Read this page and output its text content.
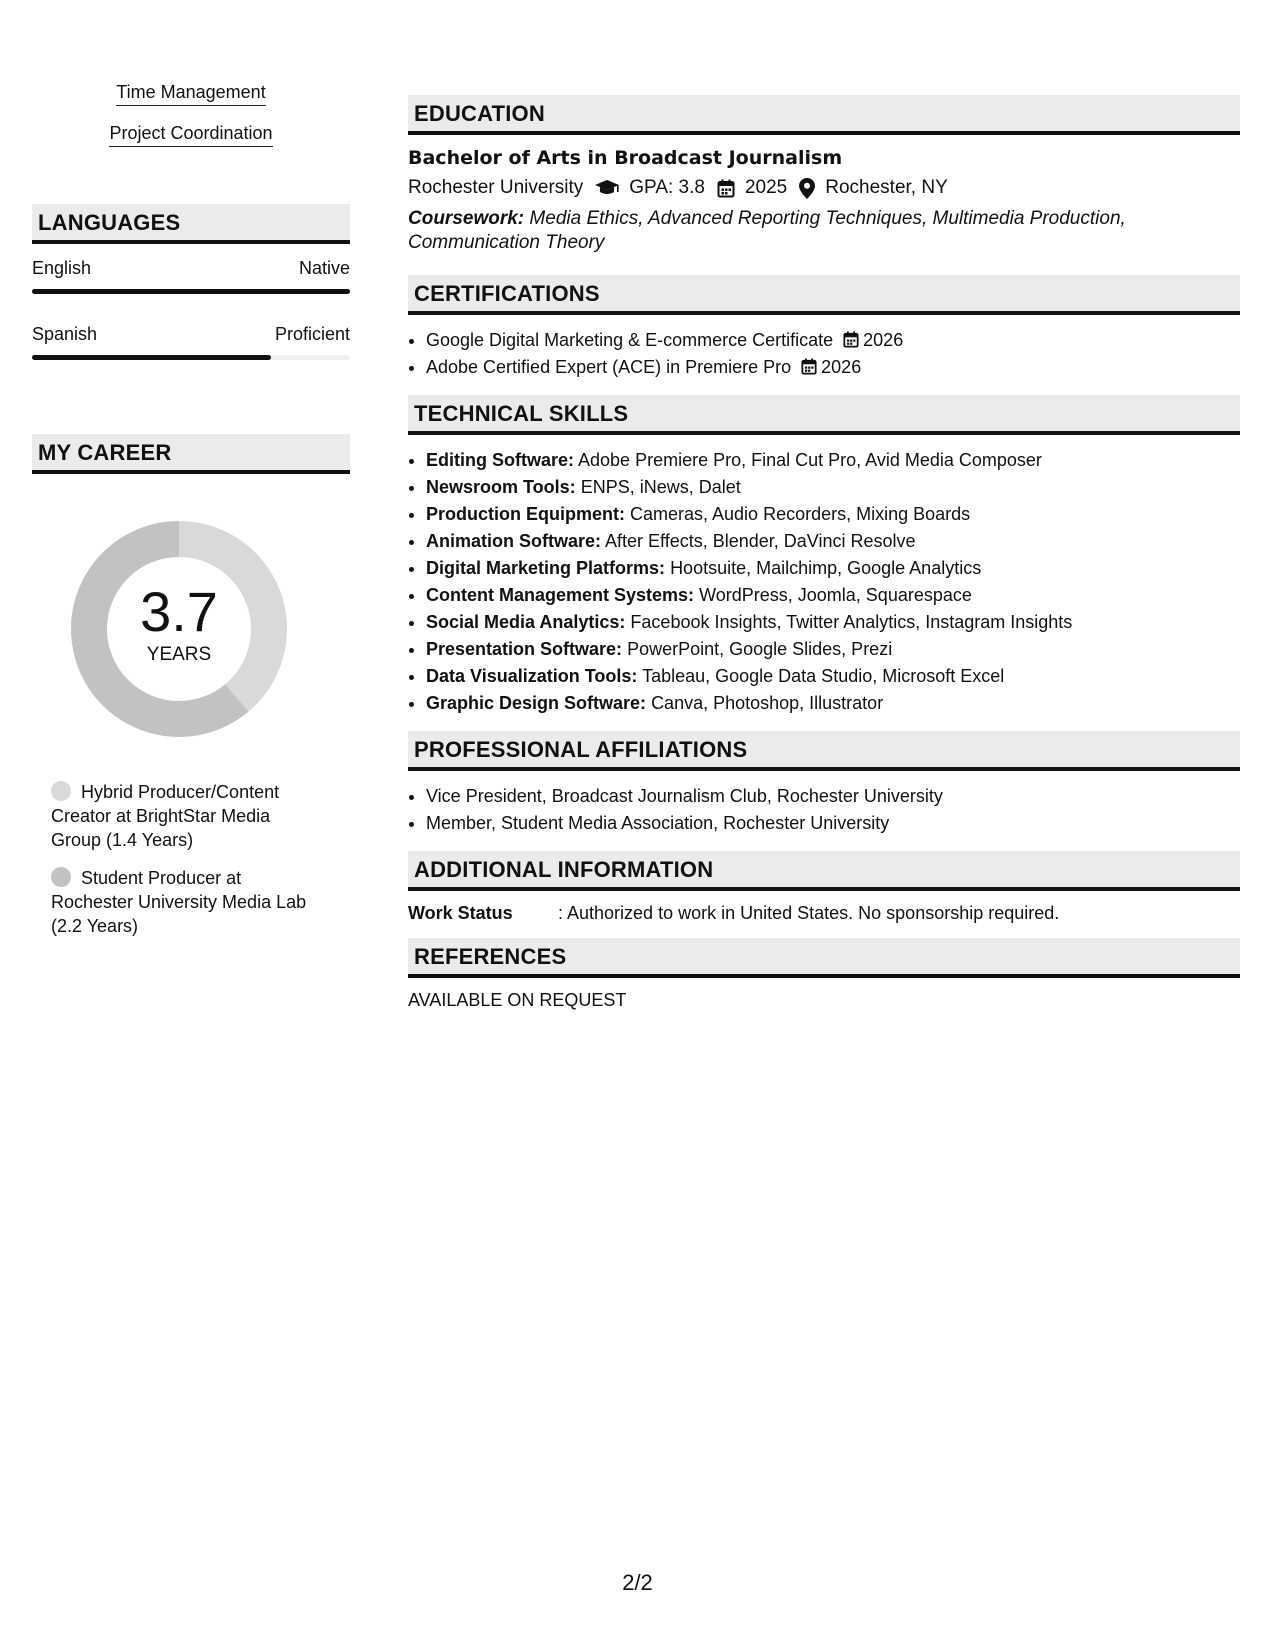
Time Management
Project Coordination
LANGUAGES
English	Native
Spanish	Proficient
MY CAREER
3.7
YEARS
Hybrid Producer/Content Creator at BrightStar Media Group (1.4 Years)
Student Producer at Rochester University Media Lab (2.2 Years)
EDUCATION
Bachelor of Arts in Broadcast Journalism
Rochester University GPA: 3.8 2025 Rochester, NY
Coursework: Media Ethics, Advanced Reporting Techniques, Multimedia Production, Communication Theory
CERTIFICATIONS
• Google Digital Marketing & E-commerce Certificate 2026
• Adobe Certified Expert (ACE) in Premiere Pro 2026
TECHNICAL SKILLS
• Editing Software: Adobe Premiere Pro, Final Cut Pro, Avid Media Composer
• Newsroom Tools: ENPS, iNews, Dalet
• Production Equipment: Cameras, Audio Recorders, Mixing Boards
• Animation Software: After Effects, Blender, DaVinci Resolve
• Digital Marketing Platforms: Hootsuite, Mailchimp, Google Analytics
• Content Management Systems: WordPress, Joomla, Squarespace
• Social Media Analytics: Facebook Insights, Twitter Analytics, Instagram Insights
• Presentation Software: PowerPoint, Google Slides, Prezi
• Data Visualization Tools: Tableau, Google Data Studio, Microsoft Excel
• Graphic Design Software: Canva, Photoshop, Illustrator
PROFESSIONAL AFFILIATIONS
• Vice President, Broadcast Journalism Club, Rochester University
• Member, Student Media Association, Rochester University
ADDITIONAL INFORMATION
Work Status	: Authorized to work in United States. No sponsorship required.
REFERENCES
AVAILABLE ON REQUEST
2/2
